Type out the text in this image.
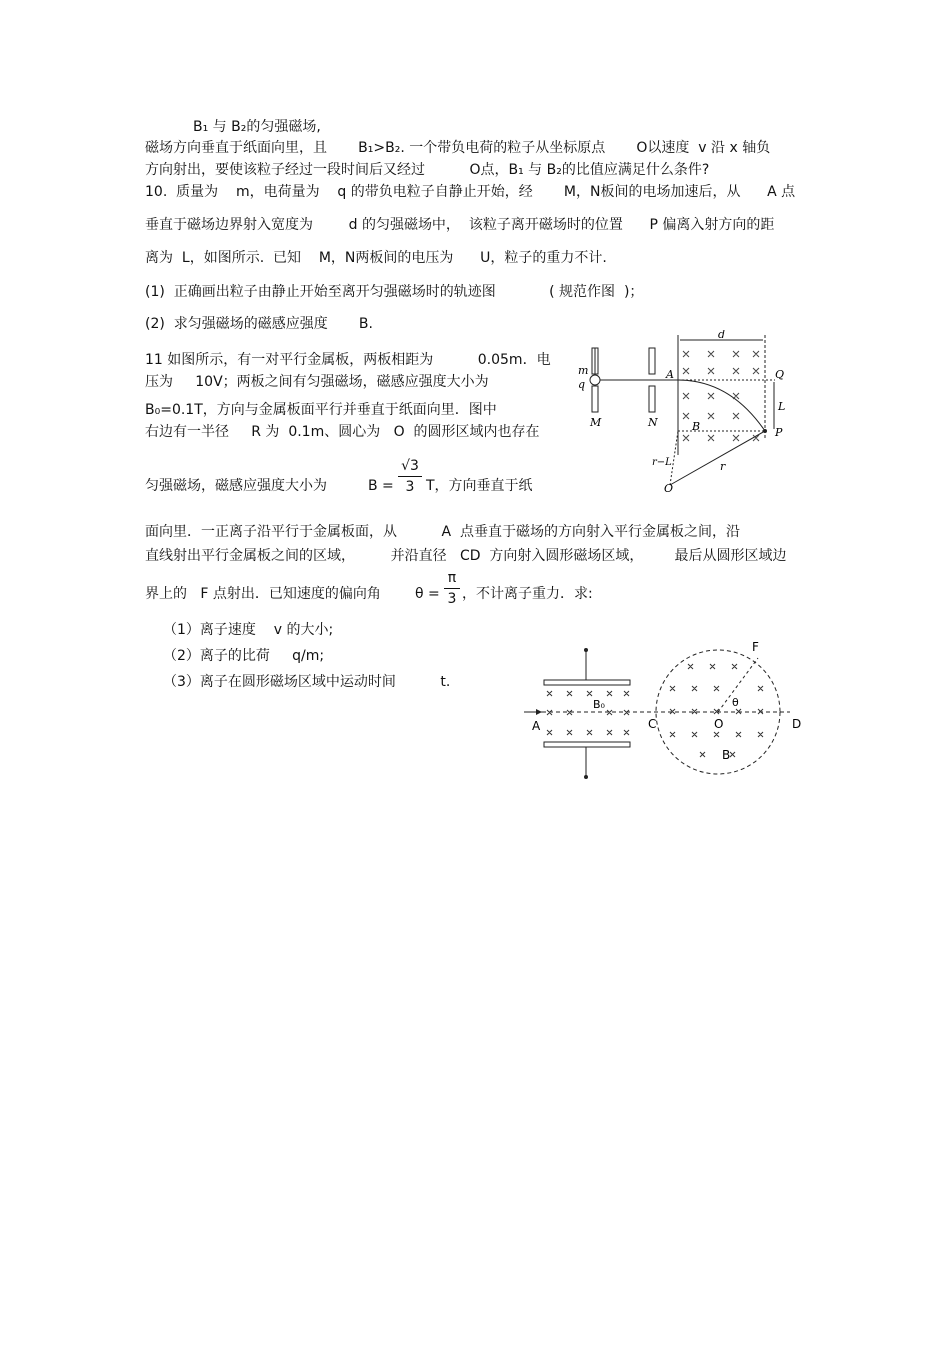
B₁ 与 B₂的匀强磁场,
磁场方向垂直于纸面向里，且       B₁>B₂. 一个带负电荷的粒子从坐标原点       O以速度  v 沿 x 轴负
方向射出，要使该粒子经过一段时间后又经过          O点，B₁ 与 B₂的比值应满足什么条件?
10.  质量为    m，电荷量为    q 的带负电粒子自静止开始，经       M，N板间的电场加速后，从      A 点
垂直于磁场边界射入宽度为        d 的匀强磁场中，  该粒子离开磁场时的位置      P 偏离入射方向的距
离为  L，如图所示.  已知    M，N两板间的电压为      U，粒子的重力不计.
(1)  正确画出粒子由静止开始至离开匀强磁场时的轨迹图            ( 规范作图  )；
(2)  求匀强磁场的磁感应强度       B.
m
q
M	N
A
B
d
Q
L
P
r
r−L
O
11 如图所示，有一对平行金属板，两板相距为          0.05m．电
压为     10V；两板之间有匀强磁场，磁感应强度大小为
B₀=0.1T，方向与金属板面平行并垂直于纸面向里．图中
右边有一半径     R 为  0.1m、圆心为   O  的圆形区域内也存在
匀强磁场，磁感应强度大小为	B =
√3
3 T，方向垂直于纸
面向里．一正离子沿平行于金属板面，从          A  点垂直于磁场的方向射入平行金属板之间，沿
直线射出平行金属板之间的区域，        并沿直径   CD  方向射入圆形磁场区域，       最后从圆形区域边
界上的   F 点射出．已知速度的偏向角 θ =
π
3 ，不计离子重力．求:
（1）离子速度    v 的大小;
（2）离子的比荷     q/m;
（3）离子在圆形磁场区域中运动时间          t.
A
B₀
C	O	D
F
θ
B
